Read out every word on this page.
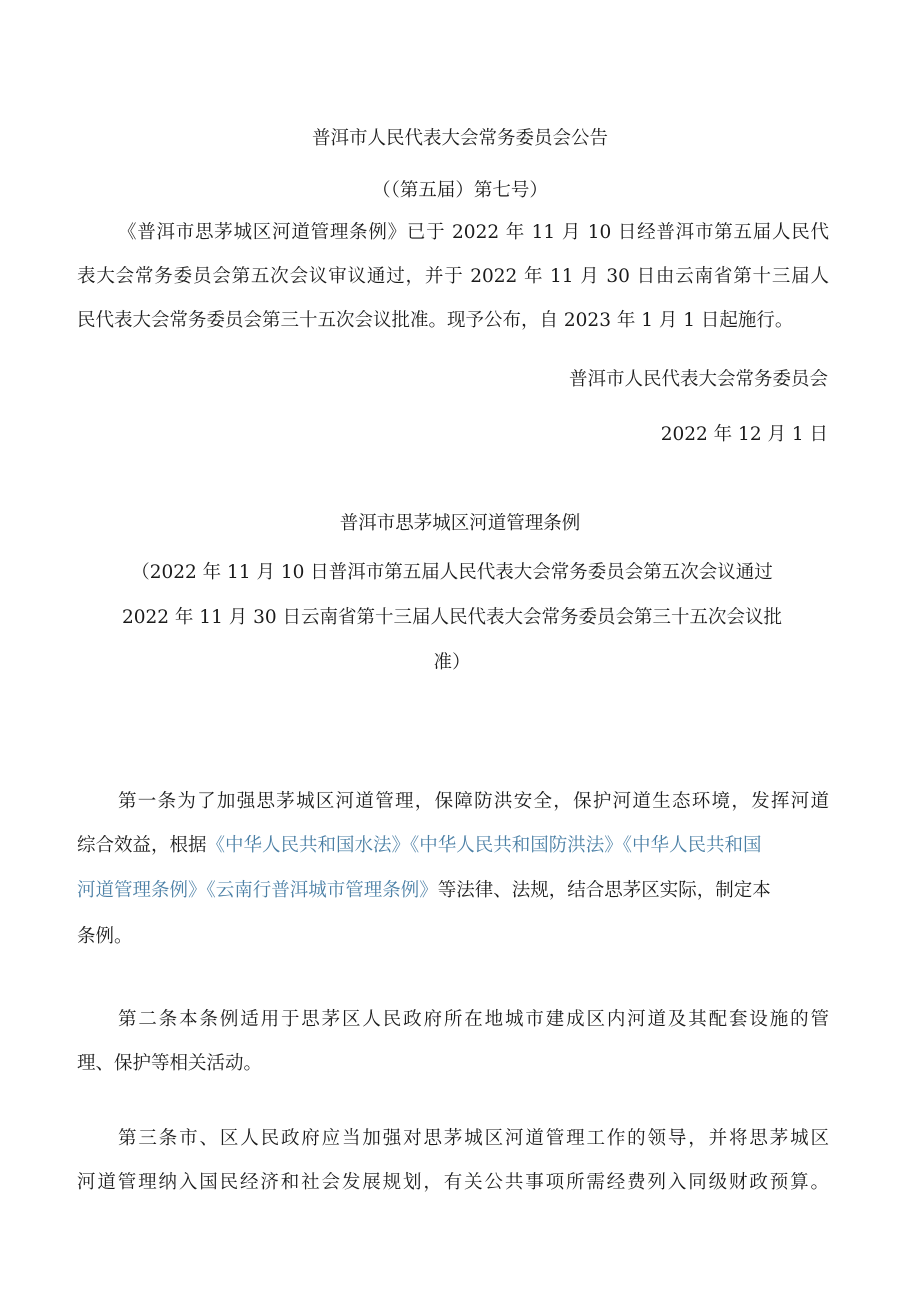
普洱市人民代表大会常务委员会公告
（（第五届）第七号）
《普洱市思茅城区河道管理条例》已于 2022 年 11 月 10 日经普洱市第五届人民代
表大会常务委员会第五次会议审议通过，并于 2022 年 11 月 30 日由云南省第十三届人
民代表大会常务委员会第三十五次会议批准。现予公布，自 2023 年 1 月 1 日起施行。
普洱市人民代表大会常务委员会
2022 年 12 月 1 日
普洱市思茅城区河道管理条例
（2022 年 11 月 10 日普洱市第五届人民代表大会常务委员会第五次会议通过
2022 年 11 月 30 日云南省第十三届人民代表大会常务委员会第三十五次会议批
准）
第一条为了加强思茅城区河道管理，保障防洪安全，保护河道生态环境，发挥河道
综合效益，根据《中华人民共和国水法》《中华人民共和国防洪法》《中华人民共和国
河道管理条例》《云南行普洱城市管理条例》等法律、法规，结合思茅区实际，制定本
条例。
第二条本条例适用于思茅区人民政府所在地城市建成区内河道及其配套设施的管
理、保护等相关活动。
第三条市、区人民政府应当加强对思茅城区河道管理工作的领导，并将思茅城区
河道管理纳入国民经济和社会发展规划，有关公共事项所需经费列入同级财政预算。
